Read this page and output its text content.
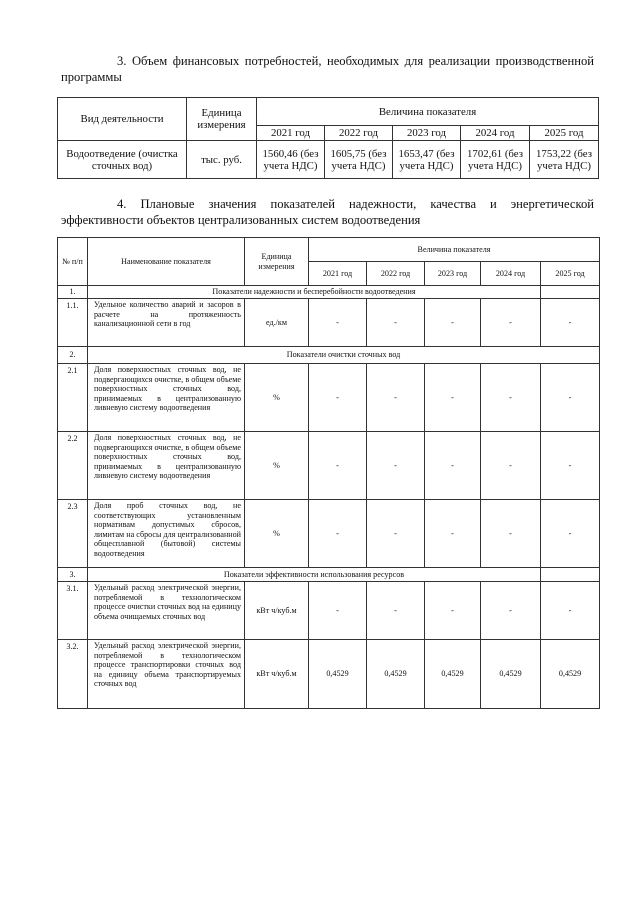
3. Объем финансовых потребностей, необходимых для реализации производственной программы
Вид деятельности	Единица измерения	Величина показателя				
		2021 год	2022 год	2023 год	2024 год	2025 год
Водоотведение (очистка сточных вод)	тыс. руб.	1560,46 (без учета НДС)	1605,75 (без учета НДС)	1653,47 (без учета НДС)	1702,61 (без учета НДС)	1753,22 (без учета НДС)
4. Плановые значения показателей надежности, качества и энергетической эффективности объектов централизованных систем водоотведения
№ п/п	Наименование показателя	Единица измерения	Величина показателя				
			2021 год	2022 год	2023 год	2024 год	2025 год
1.	Показатели надежности и бесперебойности водоотведения						
1.1.	Удельное количество аварий и засоров в расчете на протяженность канализационной сети в год	ед./км	-	-	-	-	-
2.	Показатели очистки сточных вод						
2.1	Доля поверхностных сточных вод, не подвергающихся очистке, в общем объеме поверхностных сточных вод, принимаемых в централизованную ливневую систему водоотведения	%	-	-	-	-	-
2.2	Доля поверхностных сточных вод, не подвергающихся очистке, в общем объеме поверхностных сточных вод, принимаемых в централизованную ливневую систему водоотведения	%	-	-	-	-	-
2.3	Доля проб сточных вод, не соответствующих установленным нормативам допустимых сбросов, лимитам на сбросы для централизованной общесплавной (бытовой) системы водоотведения	%	-	-	-	-	-
3.	Показатели эффективности использования ресурсов						
3.1.	Удельный расход электрической энергии, потребляемой в технологическом процессе очистки сточных вод на единицу объема очищаемых сточных вод	кВт ч/куб.м	-	-	-	-	-
3.2.	Удельный расход электрической энергии, потребляемой в технологическом процессе транспортировки сточных вод на единицу объема транспортируемых сточных вод	кВт ч/куб.м	0,4529	0,4529	0,4529	0,4529	0,4529
